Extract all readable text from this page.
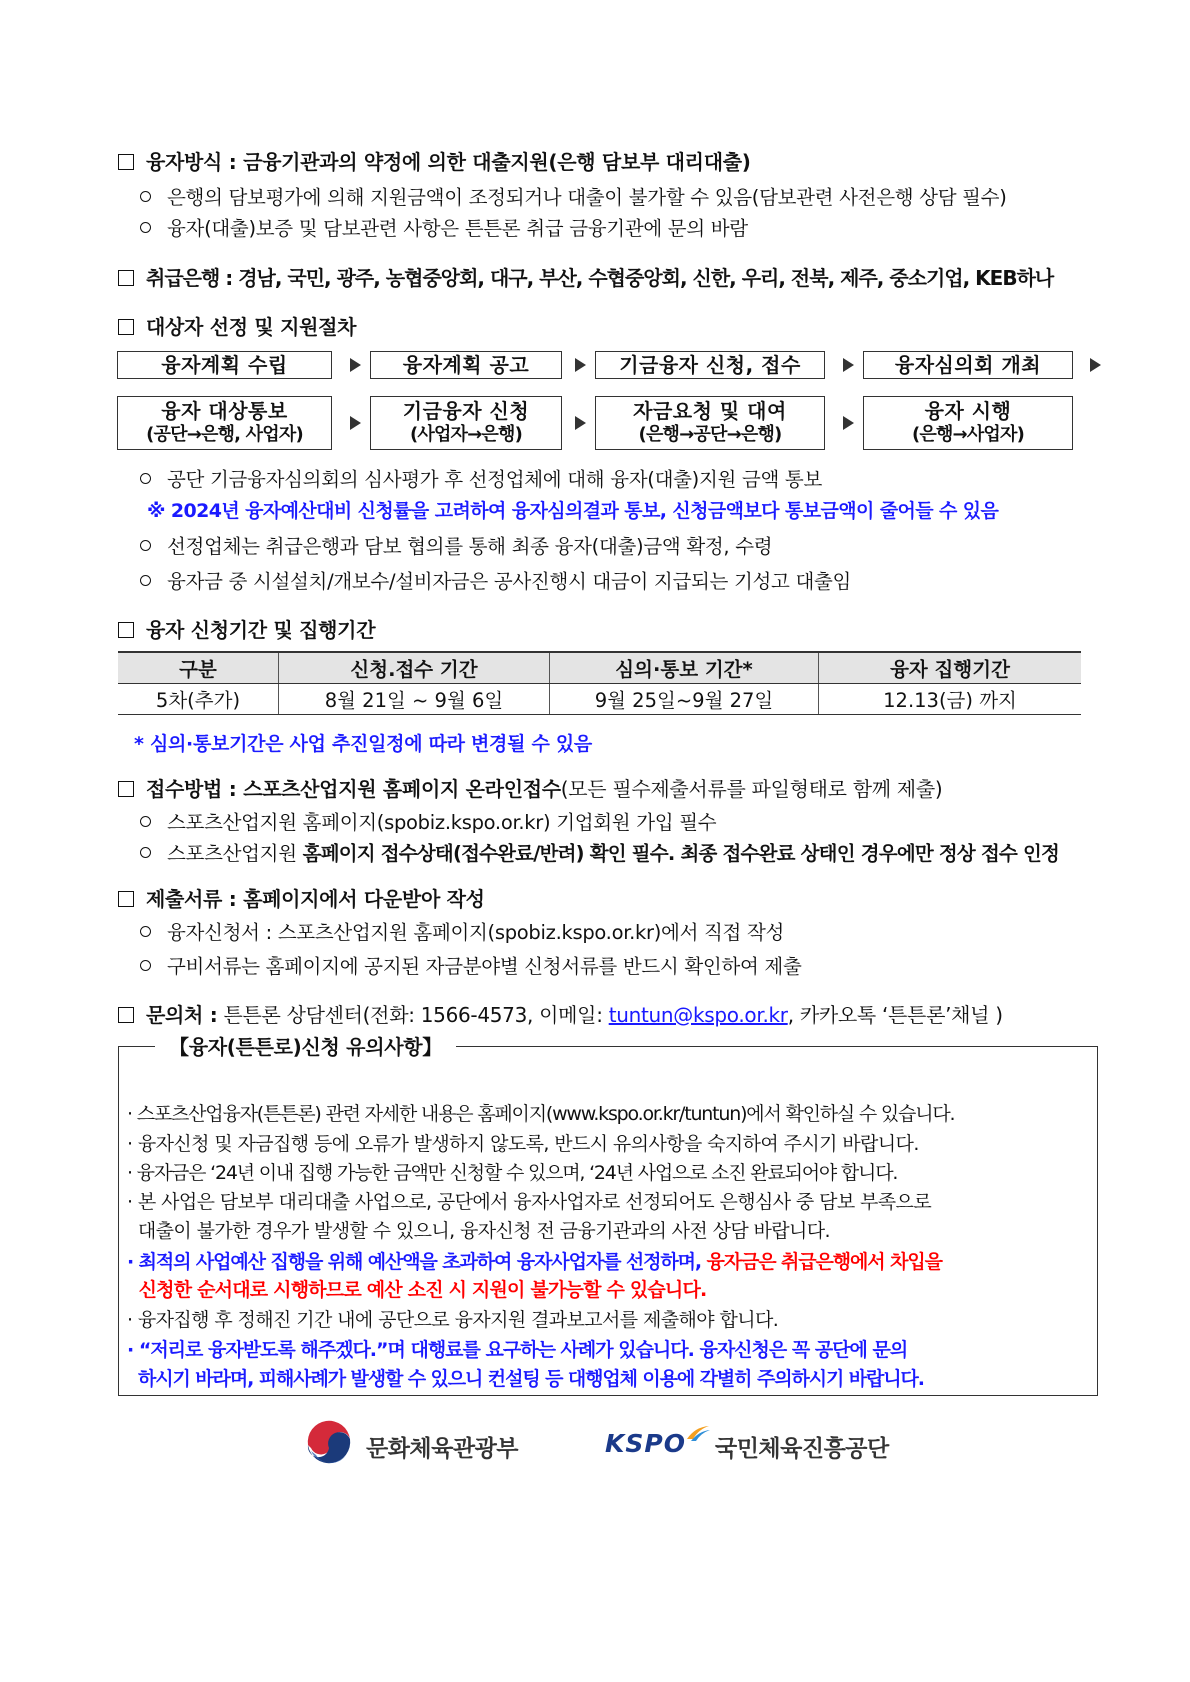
융자방식 : 금융기관과의 약정에 의한 대출지원(은행 담보부 대리대출)
은행의 담보평가에 의해 지원금액이 조정되거나 대출이 불가할 수 있음(담보관련 사전은행 상담 필수)
융자(대출)보증 및 담보관련 사항은 튼튼론 취급 금융기관에 문의 바람
취급은행 : 경남, 국민, 광주, 농협중앙회, 대구, 부산, 수협중앙회, 신한, 우리, 전북, 제주, 중소기업, KEB하나
대상자 선정 및 지원절차
융자계획 수립	융자계획 공고	기금융자 신청, 접수	융자심의회 개최
융자 대상통보
(공단→은행, 사업자)
기금융자 신청
(사업자→은행)
자금요청 및 대여
(은행→공단→은행)
융자 시행
(은행→사업자)
공단 기금융자심의회의 심사평가 후 선정업체에 대해 융자(대출)지원 금액 통보
※ 2024년 융자예산대비 신청률을 고려하여 융자심의결과 통보, 신청금액보다 통보금액이 줄어들 수 있음
선정업체는 취급은행과 담보 협의를 통해 최종 융자(대출)금액 확정, 수령
융자금 중 시설설치/개보수/설비자금은 공사진행시 대금이 지급되는 기성고 대출임
융자 신청기간 및 집행기간
구분	신청.접수 기간	심의·통보 기간*	융자 집행기간
5차(추가)	8월 21일 ~ 9월 6일	9월 25일~9월 27일	12.13(금) 까지
* 심의·통보기간은 사업 추진일정에 따라 변경될 수 있음
접수방법 : 스포츠산업지원 홈페이지 온라인접수(모든 필수제출서류를 파일형태로 함께 제출)
스포츠산업지원 홈페이지(spobiz.kspo.or.kr) 기업회원 가입 필수
스포츠산업지원 홈페이지 접수상태(접수완료/반려) 확인 필수. 최종 접수완료 상태인 경우에만 정상 접수 인정
제출서류 : 홈페이지에서 다운받아 작성
융자신청서 : 스포츠산업지원 홈페이지(spobiz.kspo.or.kr)에서 직접 작성
구비서류는 홈페이지에 공지된 자금분야별 신청서류를 반드시 확인하여 제출
문의처 : 튼튼론 상담센터(전화: 1566-4573, 이메일: tuntun@kspo.or.kr, 카카오톡 ‘튼튼론’채널 )
【융자(튼튼로)신청 유의사항】
· 스포츠산업융자(튼튼론) 관련 자세한 내용은 홈페이지(www.kspo.or.kr/tuntun)에서 확인하실 수 있습니다.
· 융자신청 및 자금집행 등에 오류가 발생하지 않도록, 반드시 유의사항을 숙지하여 주시기 바랍니다.
· 융자금은 ‘24년 이내 집행 가능한 금액만 신청할 수 있으며, ‘24년 사업으로 소진 완료되어야 합니다.
· 본 사업은 담보부 대리대출 사업으로, 공단에서 융자사업자로 선정되어도 은행심사 중 담보 부족으로
대출이 불가한 경우가 발생할 수 있으니, 융자신청 전 금융기관과의 사전 상담 바랍니다.
· 최적의 사업예산 집행을 위해 예산액을 초과하여 융자사업자를 선정하며, 융자금은 취급은행에서 차입을
신청한 순서대로 시행하므로 예산 소진 시 지원이 불가능할 수 있습니다.
· 융자집행 후 정해진 기간 내에 공단으로 융자지원 결과보고서를 제출해야 합니다.
· “저리로 융자받도록 해주겠다.”며 대행료를 요구하는 사례가 있습니다. 융자신청은 꼭 공단에 문의
하시기 바라며, 피해사례가 발생할 수 있으니 컨설팅 등 대행업체 이용에 각별히 주의하시기 바랍니다.
문화체육관광부	KSPO 국민체육진흥공단
